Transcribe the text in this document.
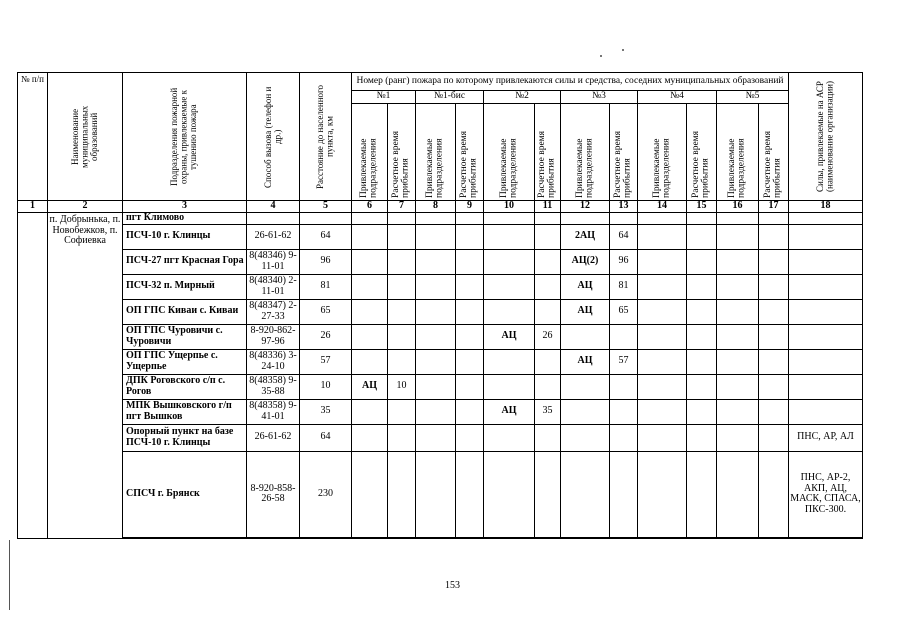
№ п/п	Наименование муниципальных образований	Подразделения пожарной охраны, привлекаемые к тушению пожара	Способ вызова (телефон и др.)	Расстояние до населенного пункта, км	Номер (ранг) пожара по которому привлекаются силы и средства, соседних муниципальных образований												Силы, привлекаемые на АСР (наименование организации)

					№1		№1-бис		№2		№3		№4		№5		

					Привлекаемые подразделения	Расчетное время прибытия	Привлекаемые подразделения	Расчетное время прибытия	Привлекаемые подразделения	Расчетное время прибытия	Привлекаемые подразделения	Расчетное время прибытия	Привлекаемые подразделения	Расчетное время прибытия	Привлекаемые подразделения	Расчетное время прибытия	

1	2	3	4	5	6	7	8	9	10	11	12	13	14	15	16	17	18
	п. Добрынька, п. Новобежков, п. Софиевка	пгт Климово															
		ПСЧ-10 г. Клинцы	26-61-62	64							2АЦ	64					
		ПСЧ-27 пгт Красная Гора	8(48346) 9-11-01	96							АЦ(2)	96					
		ПСЧ-32 п. Мирный	8(48340) 2-11-01	81							АЦ	81					
		ОП ГПС Киваи с. Киваи	8(48347) 2-27-33	65							АЦ	65					
		ОП ГПС Чуровичи с. Чуровичи	8-920-862-97-96	26					АЦ	26							
		ОП ГПС Ущерпье с. Ущерпье	8(48336) 3-24-10	57							АЦ	57					
		ДПК Роговского с/п с. Рогов	8(48358) 9-35-88	10	АЦ	10											
		МПК Вышковского г/п пгт Вышков	8(48358) 9-41-01	35					АЦ	35							
		Опорный пункт на базе ПСЧ-10 г. Клинцы	26-61-62	64													ПНС, АР, АЛ
		СПСЧ г. Брянск	8-920-858-26-58	230													ПНС, АР-2, АКП, АЦ, МАСК, СПАСА, ПКС-300.

153
